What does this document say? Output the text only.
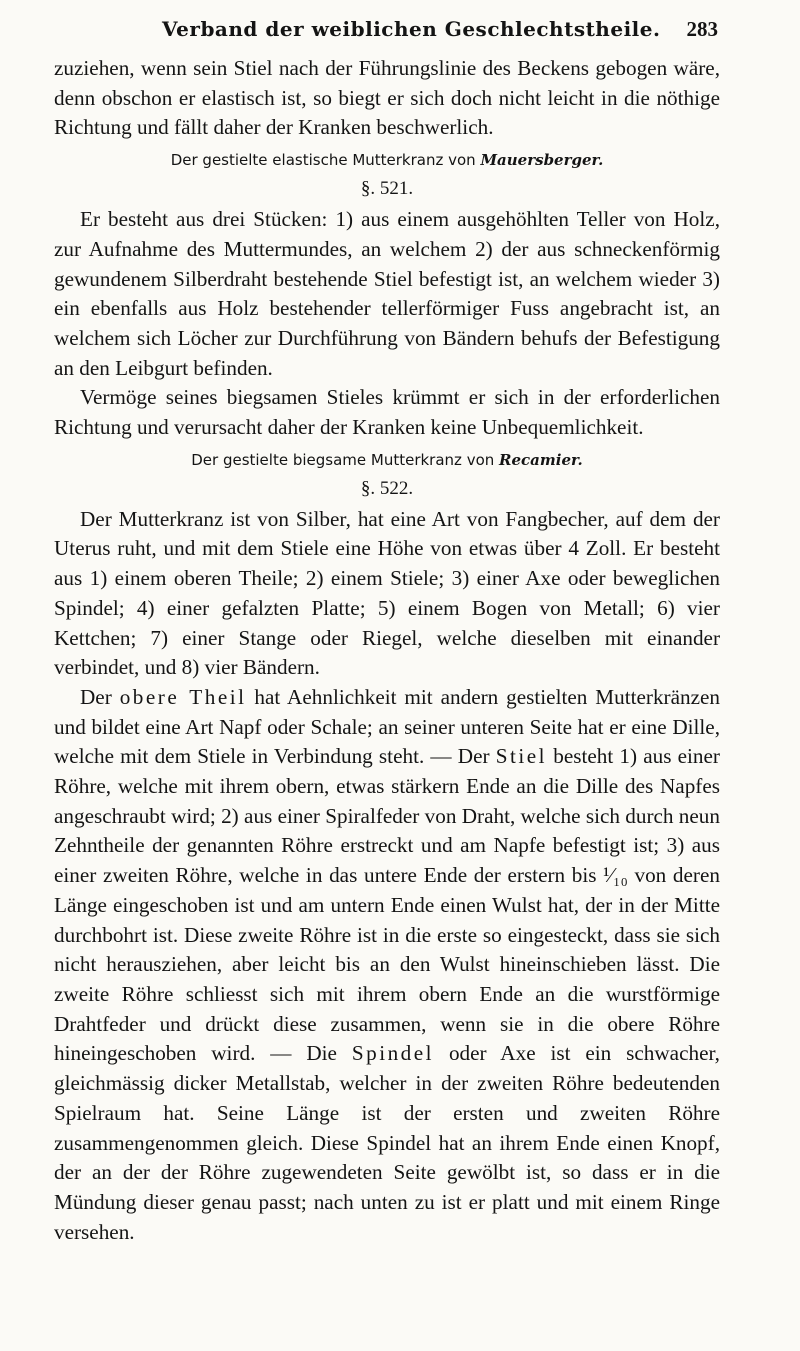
Verband der weiblichen Geschlechtstheile. 283

zuziehen, wenn sein Stiel nach der Führungslinie des Beckens gebogen wäre, denn obschon er elastisch ist, so biegt er sich doch nicht leicht in die nöthige Richtung und fällt daher der Kranken beschwerlich.

Der gestielte elastische Mutterkranz von Mauersberger.
§. 521.

Er besteht aus drei Stücken: 1) aus einem ausgehöhlten Teller von Holz, zur Aufnahme des Muttermundes, an welchem 2) der aus schneckenförmig gewundenem Silberdraht bestehende Stiel befestigt ist, an welchem wieder 3) ein ebenfalls aus Holz bestehender tellerförmiger Fuss angebracht ist, an welchem sich Löcher zur Durchführung von Bändern behufs der Befestigung an den Leibgurt befinden.

Vermöge seines biegsamen Stieles krümmt er sich in der erforderlichen Richtung und verursacht daher der Kranken keine Unbequemlichkeit.

Der gestielte biegsame Mutterkranz von Recamier.
§. 522.

Der Mutterkranz ist von Silber, hat eine Art von Fangbecher, auf dem der Uterus ruht, und mit dem Stiele eine Höhe von etwas über 4 Zoll. Er besteht aus 1) einem oberen Theile; 2) einem Stiele; 3) einer Axe oder beweglichen Spindel; 4) einer gefalzten Platte; 5) einem Bogen von Metall; 6) vier Kettchen; 7) einer Stange oder Riegel, welche dieselben mit einander verbindet, und 8) vier Bändern.

Der obere Theil hat Aehnlichkeit mit andern gestielten Mutterkränzen und bildet eine Art Napf oder Schale; an seiner unteren Seite hat er eine Dille, welche mit dem Stiele in Verbindung steht. — Der Stiel besteht 1) aus einer Röhre, welche mit ihrem obern, etwas stärkern Ende an die Dille des Napfes angeschraubt wird; 2) aus einer Spiralfeder von Draht, welche sich durch neun Zehntheile der genannten Röhre erstreckt und am Napfe befestigt ist; 3) aus einer zweiten Röhre, welche in das untere Ende der erstern bis ¹⁄₁₀ von deren Länge eingeschoben ist und am untern Ende einen Wulst hat, der in der Mitte durchbohrt ist. Diese zweite Röhre ist in die erste so eingesteckt, dass sie sich nicht herausziehen, aber leicht bis an den Wulst hineinschieben lässt. Die zweite Röhre schliesst sich mit ihrem obern Ende an die wurstförmige Drahtfeder und drückt diese zusammen, wenn sie in die obere Röhre hineingeschoben wird. — Die Spindel oder Axe ist ein schwacher, gleichmässig dicker Metallstab, welcher in der zweiten Röhre bedeutenden Spielraum hat. Seine Länge ist der ersten und zweiten Röhre zusammengenommen gleich. Diese Spindel hat an ihrem Ende einen Knopf, der an der der Röhre zugewendeten Seite gewölbt ist, so dass er in die Mündung dieser genau passt; nach unten zu ist er platt und mit einem Ringe versehen.
